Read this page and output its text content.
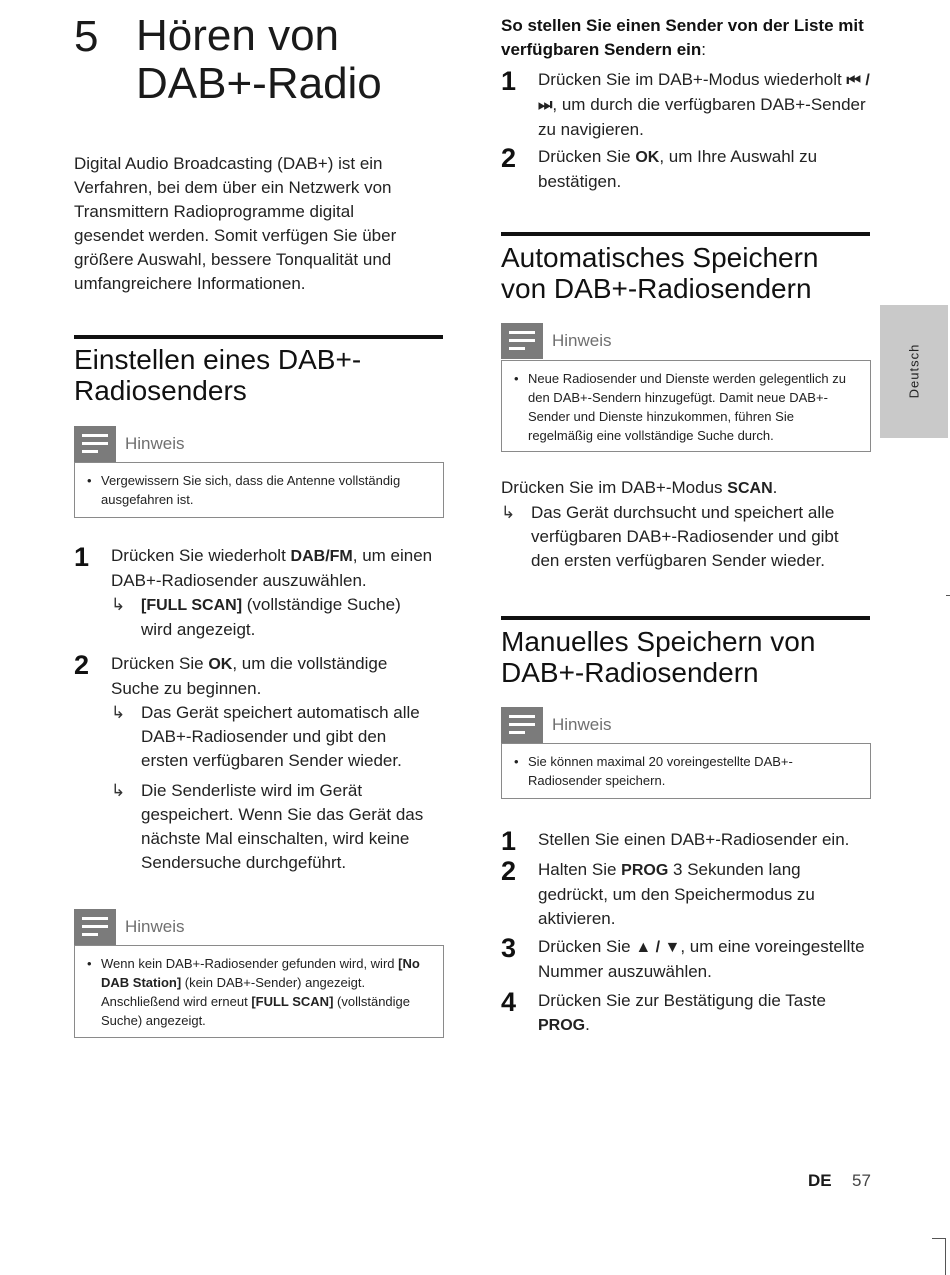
5 Hören von DAB+-Radio
Digital Audio Broadcasting (DAB+) ist ein Verfahren, bei dem über ein Netzwerk von Transmittern Radioprogramme digital gesendet werden. Somit verfügen Sie über größere Auswahl, bessere Tonqualität und umfangreichere Informationen.
Einstellen eines DAB+-Radiosenders
Hinweis
• Vergewissern Sie sich, dass die Antenne vollständig ausgefahren ist.
1	Drücken Sie wiederholt DAB/FM, um einen DAB+-Radiosender auszuwählen.
↳ [FULL SCAN] (vollständige Suche) wird angezeigt.
2	Drücken Sie OK, um die vollständige Suche zu beginnen.
↳ Das Gerät speichert automatisch alle DAB+-Radiosender und gibt den ersten verfügbaren Sender wieder.
↳ Die Senderliste wird im Gerät gespeichert. Wenn Sie das Gerät das nächste Mal einschalten, wird keine Sendersuche durchgeführt.
Hinweis
• Wenn kein DAB+-Radiosender gefunden wird, wird [No DAB Station] (kein DAB+-Sender) angezeigt. Anschließend wird erneut [FULL SCAN] (vollständige Suche) angezeigt.
So stellen Sie einen Sender von der Liste mit verfügbaren Sendern ein:
1	Drücken Sie im DAB+-Modus wiederholt ⏮ / ⏭, um durch die verfügbaren DAB+-Sender zu navigieren.
2	Drücken Sie OK, um Ihre Auswahl zu bestätigen.
Automatisches Speichern von DAB+-Radiosendern
Hinweis
• Neue Radiosender und Dienste werden gelegentlich zu den DAB+-Sendern hinzugefügt. Damit neue DAB+-Sender und Dienste hinzukommen, führen Sie regelmäßig eine vollständige Suche durch.
Drücken Sie im DAB+-Modus SCAN.
↳ Das Gerät durchsucht und speichert alle verfügbaren DAB+-Radiosender und gibt den ersten verfügbaren Sender wieder.
Manuelles Speichern von DAB+-Radiosendern
Hinweis
• Sie können maximal 20 voreingestellte DAB+-Radiosender speichern.
1	Stellen Sie einen DAB+-Radiosender ein.
2	Halten Sie PROG 3 Sekunden lang gedrückt, um den Speichermodus zu aktivieren.
3	Drücken Sie ▲ / ▼, um eine voreingestellte Nummer auszuwählen.
4	Drücken Sie zur Bestätigung die Taste PROG.
Deutsch
DE 57
